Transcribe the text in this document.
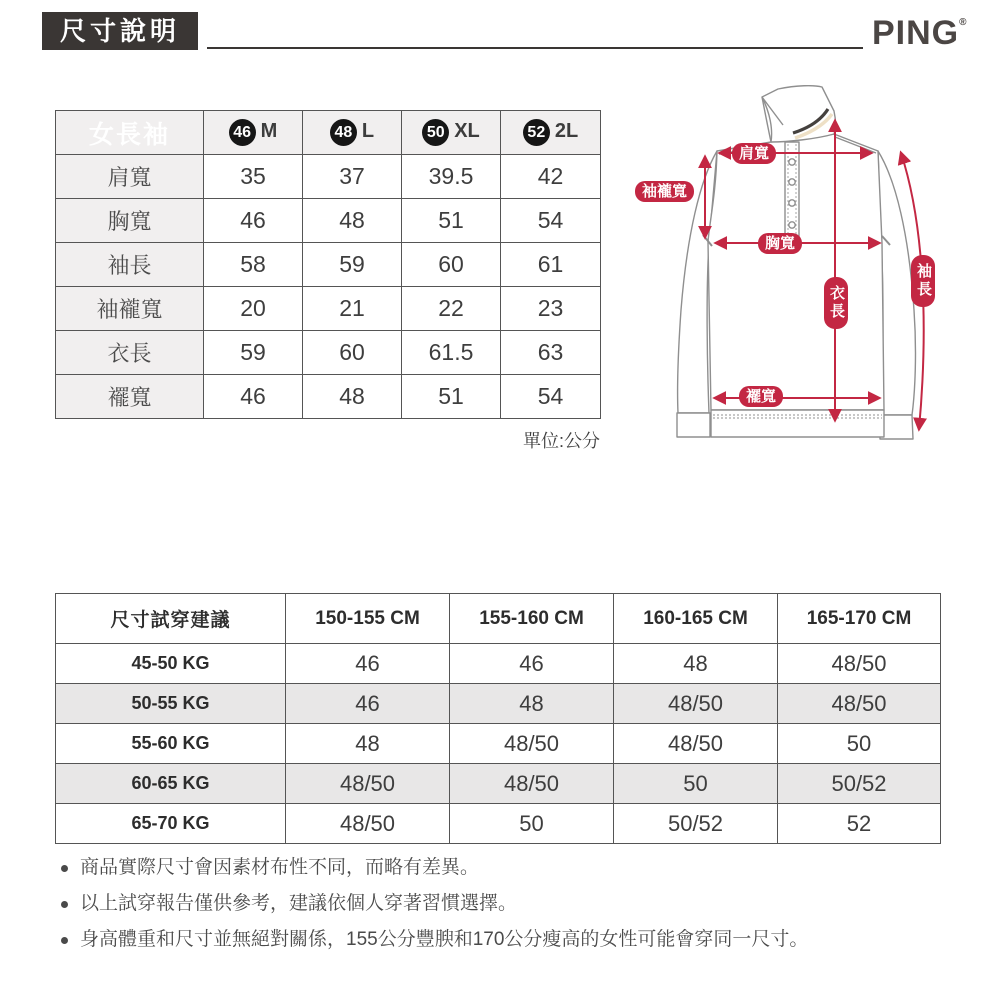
尺寸說明	PING®
女長袖	46 M	48 L	50 XL	52 2L
肩寬	35	37	39.5	42
胸寬	46	48	51	54
袖長	58	59	60	61
袖襱寬	20	21	22	23
衣長	59	60	61.5	63
襬寬	46	48	51	54
單位:公分
肩寬
袖襱寬
胸寬
衣長
襬寬
袖長
尺寸試穿建議	150-155 CM	155-160 CM	160-165 CM	165-170 CM
45-50 KG	46	46	48	48/50
50-55 KG	46	48	48/50	48/50
55-60 KG	48	48/50	48/50	50
60-65 KG	48/50	48/50	50	50/52
65-70 KG	48/50	50	50/52	52
商品實際尺寸會因素材布性不同，而略有差異。
以上試穿報告僅供參考，建議依個人穿著習慣選擇。
身高體重和尺寸並無絕對關係，155公分豐腴和170公分瘦高的女性可能會穿同一尺寸。
